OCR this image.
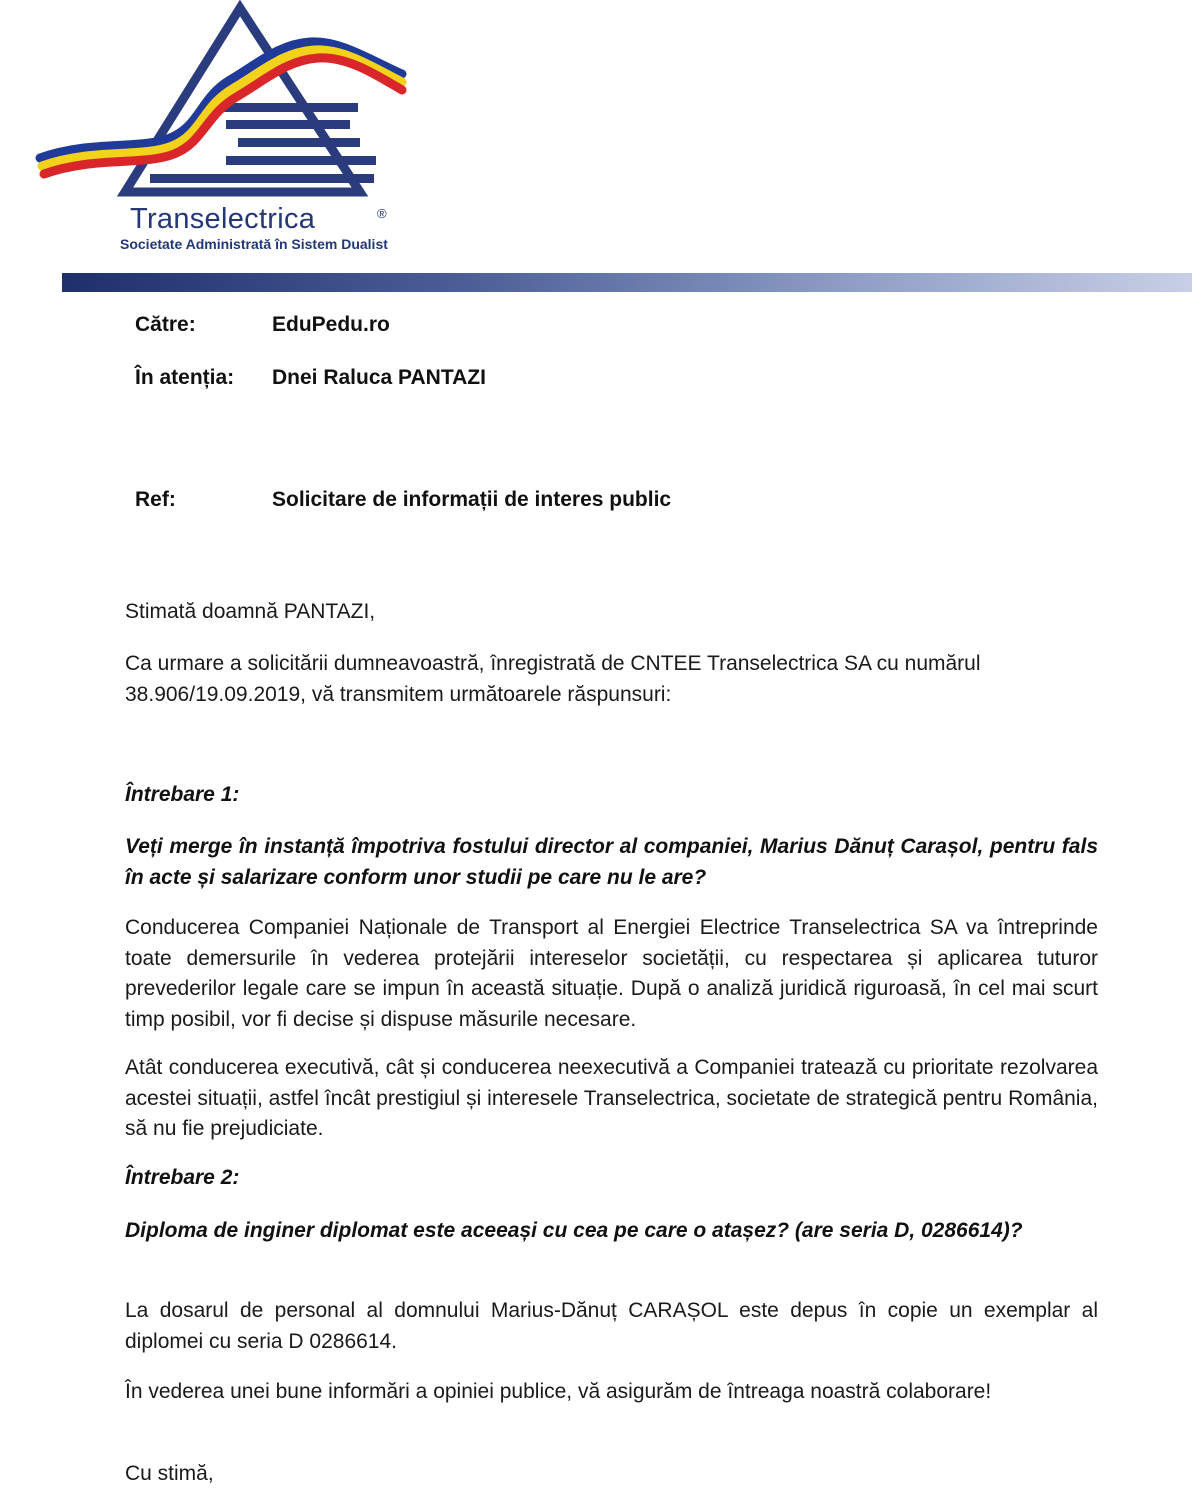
Transelectrica	®
Societate Administrată în Sistem Dualist
Către:	EduPedu.ro
În atenția: Dnei Raluca PANTAZI
Ref:	Solicitare de informații de interes public
Stimată doamnă PANTAZI,
Ca urmare a solicitării dumneavoastră, înregistrată de CNTEE Transelectrica SA cu numărul 38.906/19.09.2019, vă transmitem următoarele răspunsuri:
Întrebare 1:
Veți merge în instanță împotriva fostului director al companiei, Marius Dănuț Carașol, pentru fals în acte și salarizare conform unor studii pe care nu le are?
Conducerea Companiei Naționale de Transport al Energiei Electrice Transelectrica SA va întreprinde toate demersurile în vederea protejării intereselor societății, cu respectarea și aplicarea tuturor prevederilor legale care se impun în această situație. După o analiză juridică riguroasă, în cel mai scurt timp posibil, vor fi decise și dispuse măsurile necesare.
Atât conducerea executivă, cât și conducerea neexecutivă a Companiei tratează cu prioritate rezolvarea acestei situații, astfel încât prestigiul și interesele Transelectrica, societate de strategică pentru România, să nu fie prejudiciate.
Întrebare 2:
Diploma de inginer diplomat este aceeași cu cea pe care o atașez? (are seria D, 0286614)?
La dosarul de personal al domnului Marius-Dănuț CARAȘOL este depus în copie un exemplar al diplomei cu seria D 0286614.
În vederea unei bune informări a opiniei publice, vă asigurăm de întreaga noastră colaborare!
Cu stimă,
